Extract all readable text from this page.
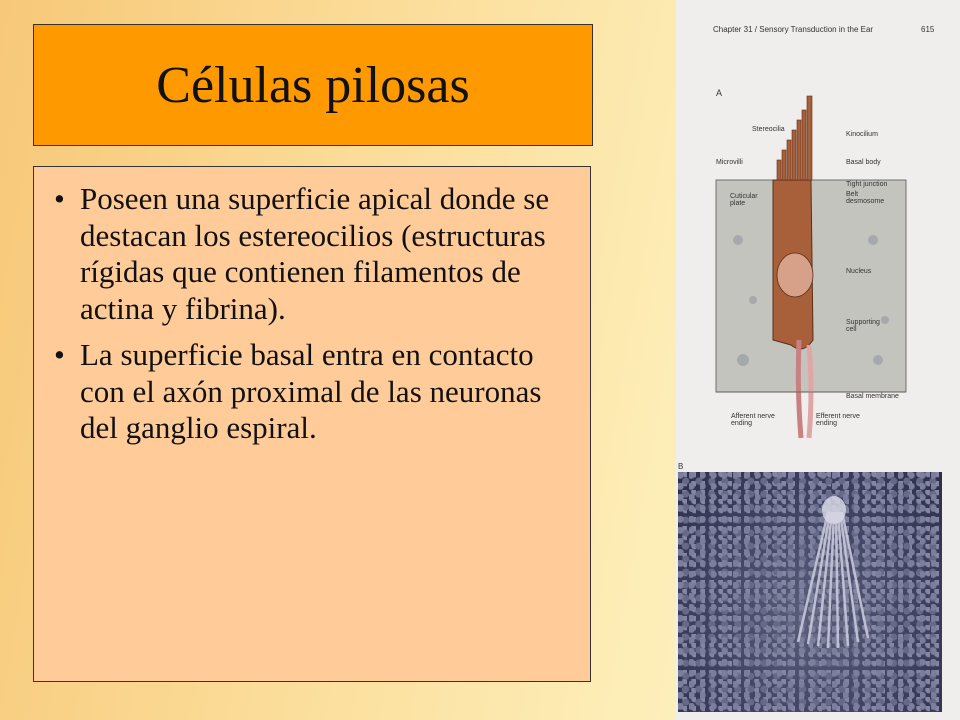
Células pilosas
• Poseen una superficie apical donde se destacan los estereocilios (estructuras rígidas que contienen filamentos de actina y fibrina).
• La superficie basal entra en contacto con el axón proximal de las neuronas del ganglio espiral.
Chapter 31 / Sensory Transduction in the Ear	615
A
Stereocilia
Kinocilium
Microvilli	Basal body
Cuticular plate
Tight junction
Belt desmosome
Nucleus
Supporting cell
Basal membrane
Afferent nerve ending
Efferent nerve ending
B
